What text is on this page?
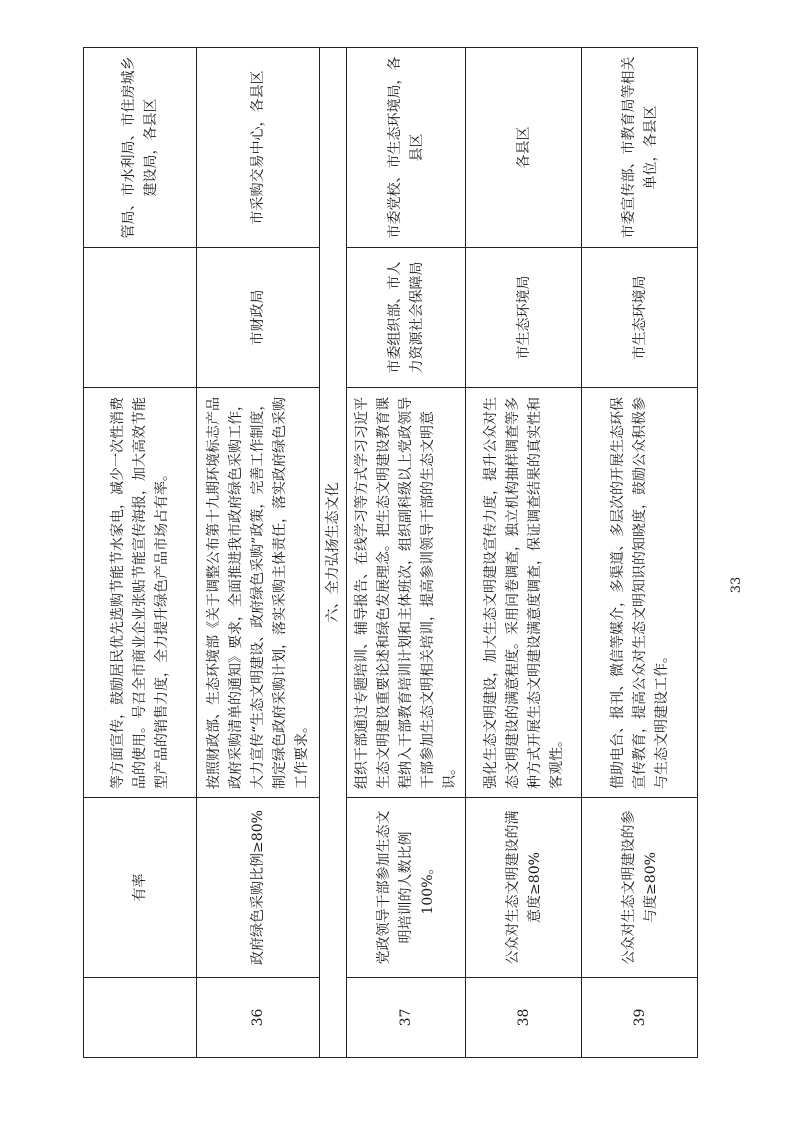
	有率	等方面宣传，鼓励居民优先选购节能节水家电，减少一次性消费品的使用。号召全市商业企业张贴节能宣传海报，加大高效节能型产品的销售力度，全力提升绿色产品市场占有率。		管局、市水利局、市住房城乡建设局，各县区
36	政府绿色采购比例≥80%	按照财政部、生态环境部《关于调整公布第十九期环境标志产品政府采购清单的通知》要求，全面推进我市政府绿色采购工作，大力宣传“生态文明建设、政府绿色采购”政策，完善工作制度，制定绿色政府采购计划，落实采购主体责任，落实政府绿色采购工作要求。	市财政局	市采购交易中心，各县区
六、全力弘扬生态文化				
37	党政领导干部参加生态文明培训的人数比例100%。	组织干部通过专题培训、辅导报告、在线学习等方式学习习近平生态文明建设重要论述和绿色发展理念。把生态文明建设教育课程纳入干部教育培训计划和主体班次，组织副科级以上党政领导干部参加生态文明相关培训，提高参训领导干部的生态文明意识。	市委组织部、市人力资源社会保障局	市委党校、市生态环境局，各县区
38	公众对生态文明建设的满意度≥80%	强化生态文明建设，加大生态文明建设宣传力度，提升公众对生态文明建设的满意程度。采用问卷调查，独立机构抽样调查等多种方式开展生态文明建设满意度调查，保证调查结果的真实性和客观性。	市生态环境局	各县区
39	公众对生态文明建设的参与度≥80%	借助电台、报刊、微信等媒介，多渠道、多层次的开展生态环保宣传教育，提高公众对生态文明知识的知晓度，鼓励公众积极参与生态文明建设工作。	市生态环境局	市委宣传部、市教育局等相关单位，各县区
33
